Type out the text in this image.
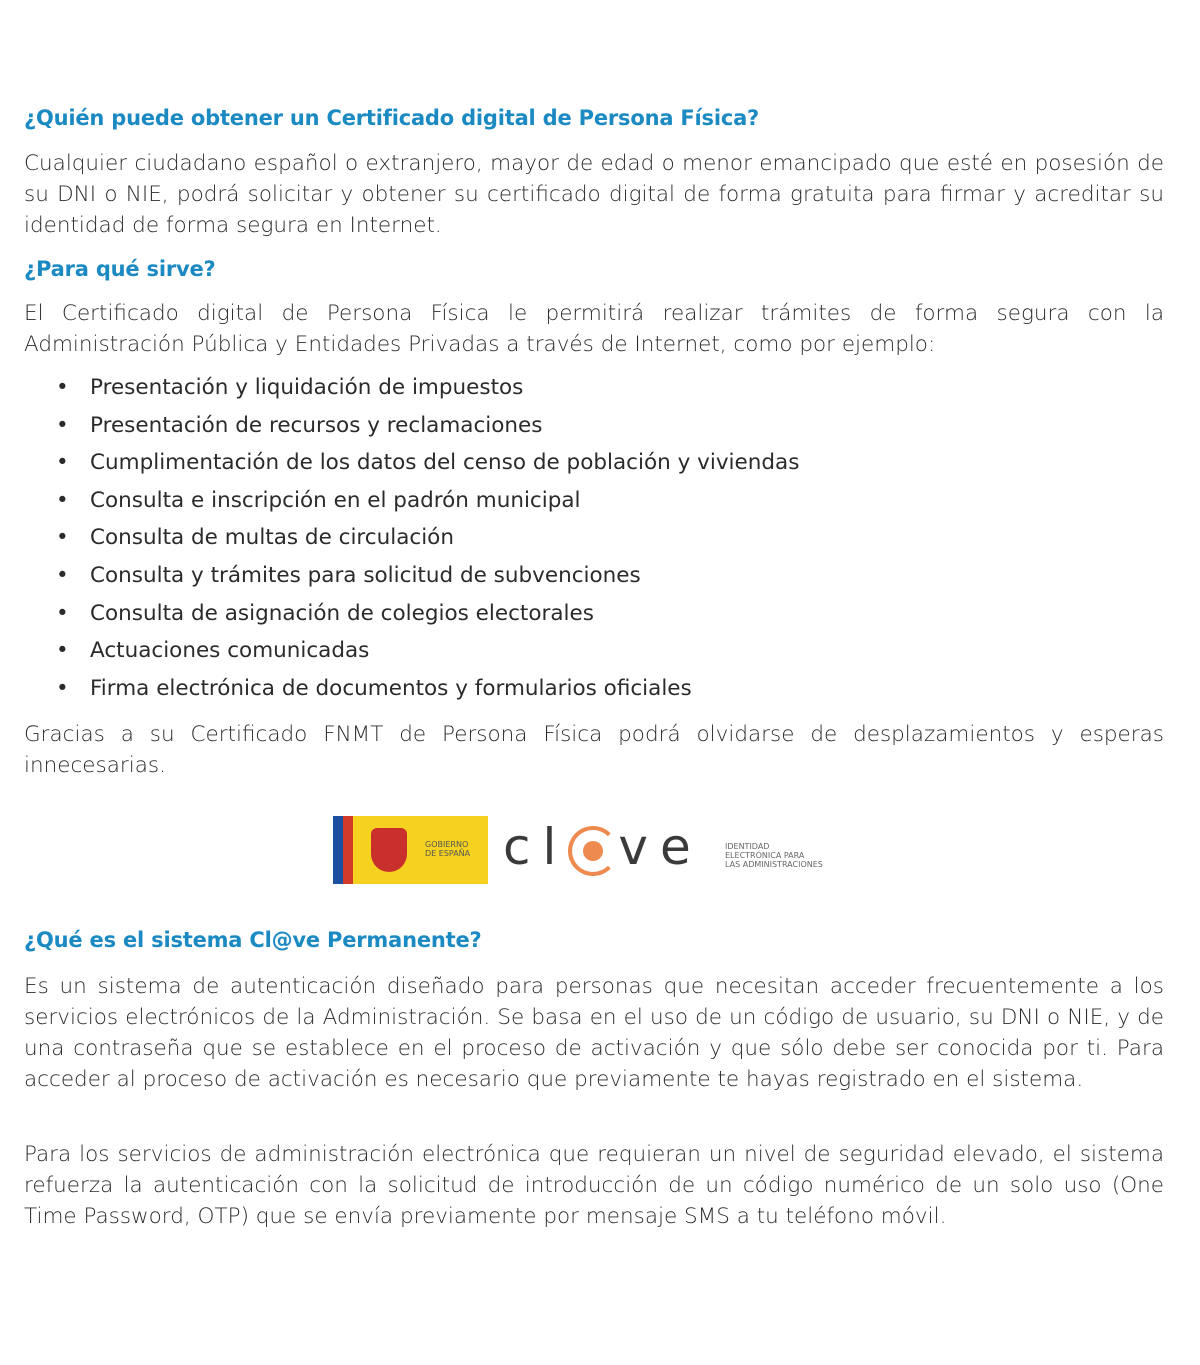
¿Quién puede obtener un Certificado digital de Persona Física?

Cualquier ciudadano español o extranjero, mayor de edad o menor emancipado que esté en posesión de su DNI o NIE, podrá solicitar y obtener su certificado digital de forma gratuita para firmar y acreditar su identidad de forma segura en Internet.

¿Para qué sirve?

El Certificado digital de Persona Física le permitirá realizar trámites de forma segura con la Administración Pública y Entidades Privadas a través de Internet, como por ejemplo:

• Presentación y liquidación de impuestos
• Presentación de recursos y reclamaciones
• Cumplimentación de los datos del censo de población y viviendas
• Consulta e inscripción en el padrón municipal
• Consulta de multas de circulación
• Consulta y trámites para solicitud de subvenciones
• Consulta de asignación de colegios electorales
• Actuaciones comunicadas
• Firma electrónica de documentos y formularios oficiales

Gracias a su Certificado FNMT de Persona Física podrá olvidarse de desplazamientos y esperas innecesarias.

GOBIERNO
DE ESPAÑA cl ve	IDENTIDAD
ELECTRÓNICA PARA
LAS ADMINISTRACIONES
¿Qué es el sistema Cl@ve Permanente?

Es un sistema de autenticación diseñado para personas que necesitan acceder frecuentemente a los servicios electrónicos de la Administración. Se basa en el uso de un código de usuario, su DNI o NIE, y de una contraseña que se establece en el proceso de activación y que sólo debe ser conocida por ti. Para acceder al proceso de activación es necesario que previamente te hayas registrado en el sistema.

Para los servicios de administración electrónica que requieran un nivel de seguridad elevado, el sistema refuerza la autenticación con la solicitud de introducción de un código numérico de un solo uso (One Time Password, OTP) que se envía previamente por mensaje SMS a tu teléfono móvil.
